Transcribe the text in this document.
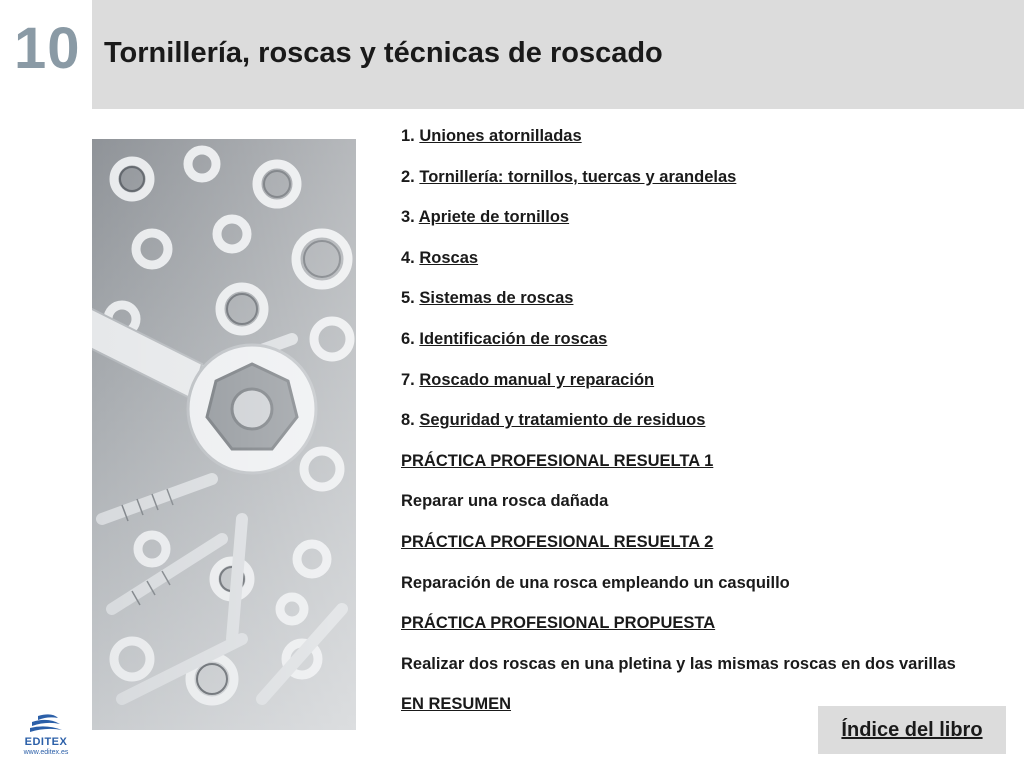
10 Tornillería, roscas y técnicas de roscado
1. Uniones atornilladas
2. Tornillería: tornillos, tuercas y arandelas
3. Apriete de tornillos
4. Roscas
5. Sistemas de roscas
6. Identificación de roscas
7. Roscado manual y reparación
8. Seguridad y tratamiento de residuos
PRÁCTICA PROFESIONAL RESUELTA 1
Reparar una rosca dañada
PRÁCTICA PROFESIONAL RESUELTA 2
Reparación de una rosca empleando un casquillo
PRÁCTICA PROFESIONAL PROPUESTA
Realizar dos roscas en una pletina y las mismas roscas en dos varillas
EN RESUMEN
Índice del libro
EDITEX
www.editex.es
